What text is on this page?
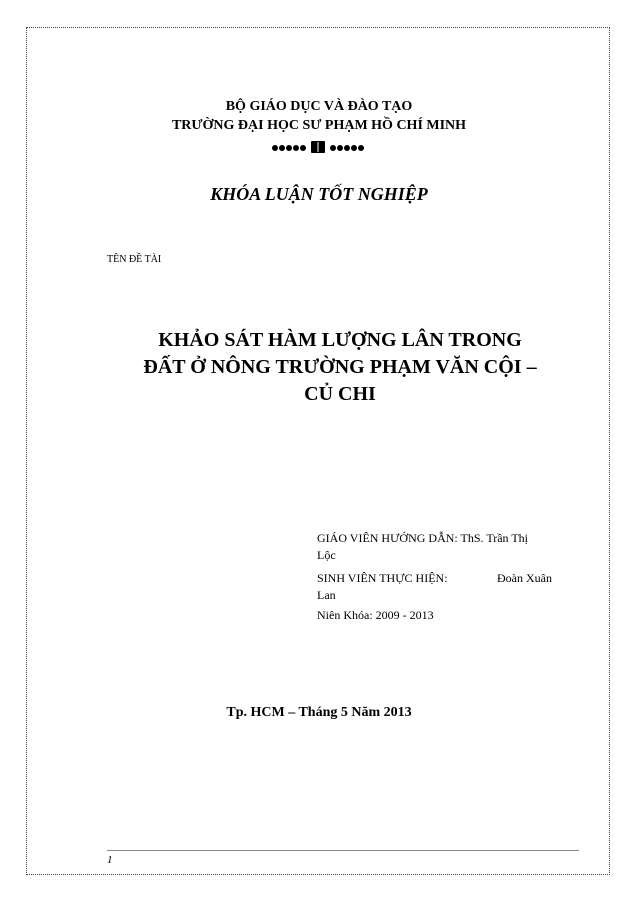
BỘ GIÁO DỤC VÀ ĐÀO TẠO
TRƯỜNG ĐẠI HỌC SƯ PHẠM HỒ CHÍ MINH
KHÓA LUẬN TỐT NGHIỆP
TÊN ĐỀ TÀI
KHẢO SÁT HÀM LƯỢNG LÂN TRONG
ĐẤT Ở NÔNG TRƯỜNG PHẠM VĂN CỘI –
CỦ CHI
GIÁO VIÊN HƯỚNG DẪN: ThS. Trần Thị
Lộc
SINH VIÊN THỰC HIỆN:	Đoàn Xuân
Lan
Niên Khóa: 2009 - 2013
Tp. HCM – Tháng 5 Năm 2013
1
